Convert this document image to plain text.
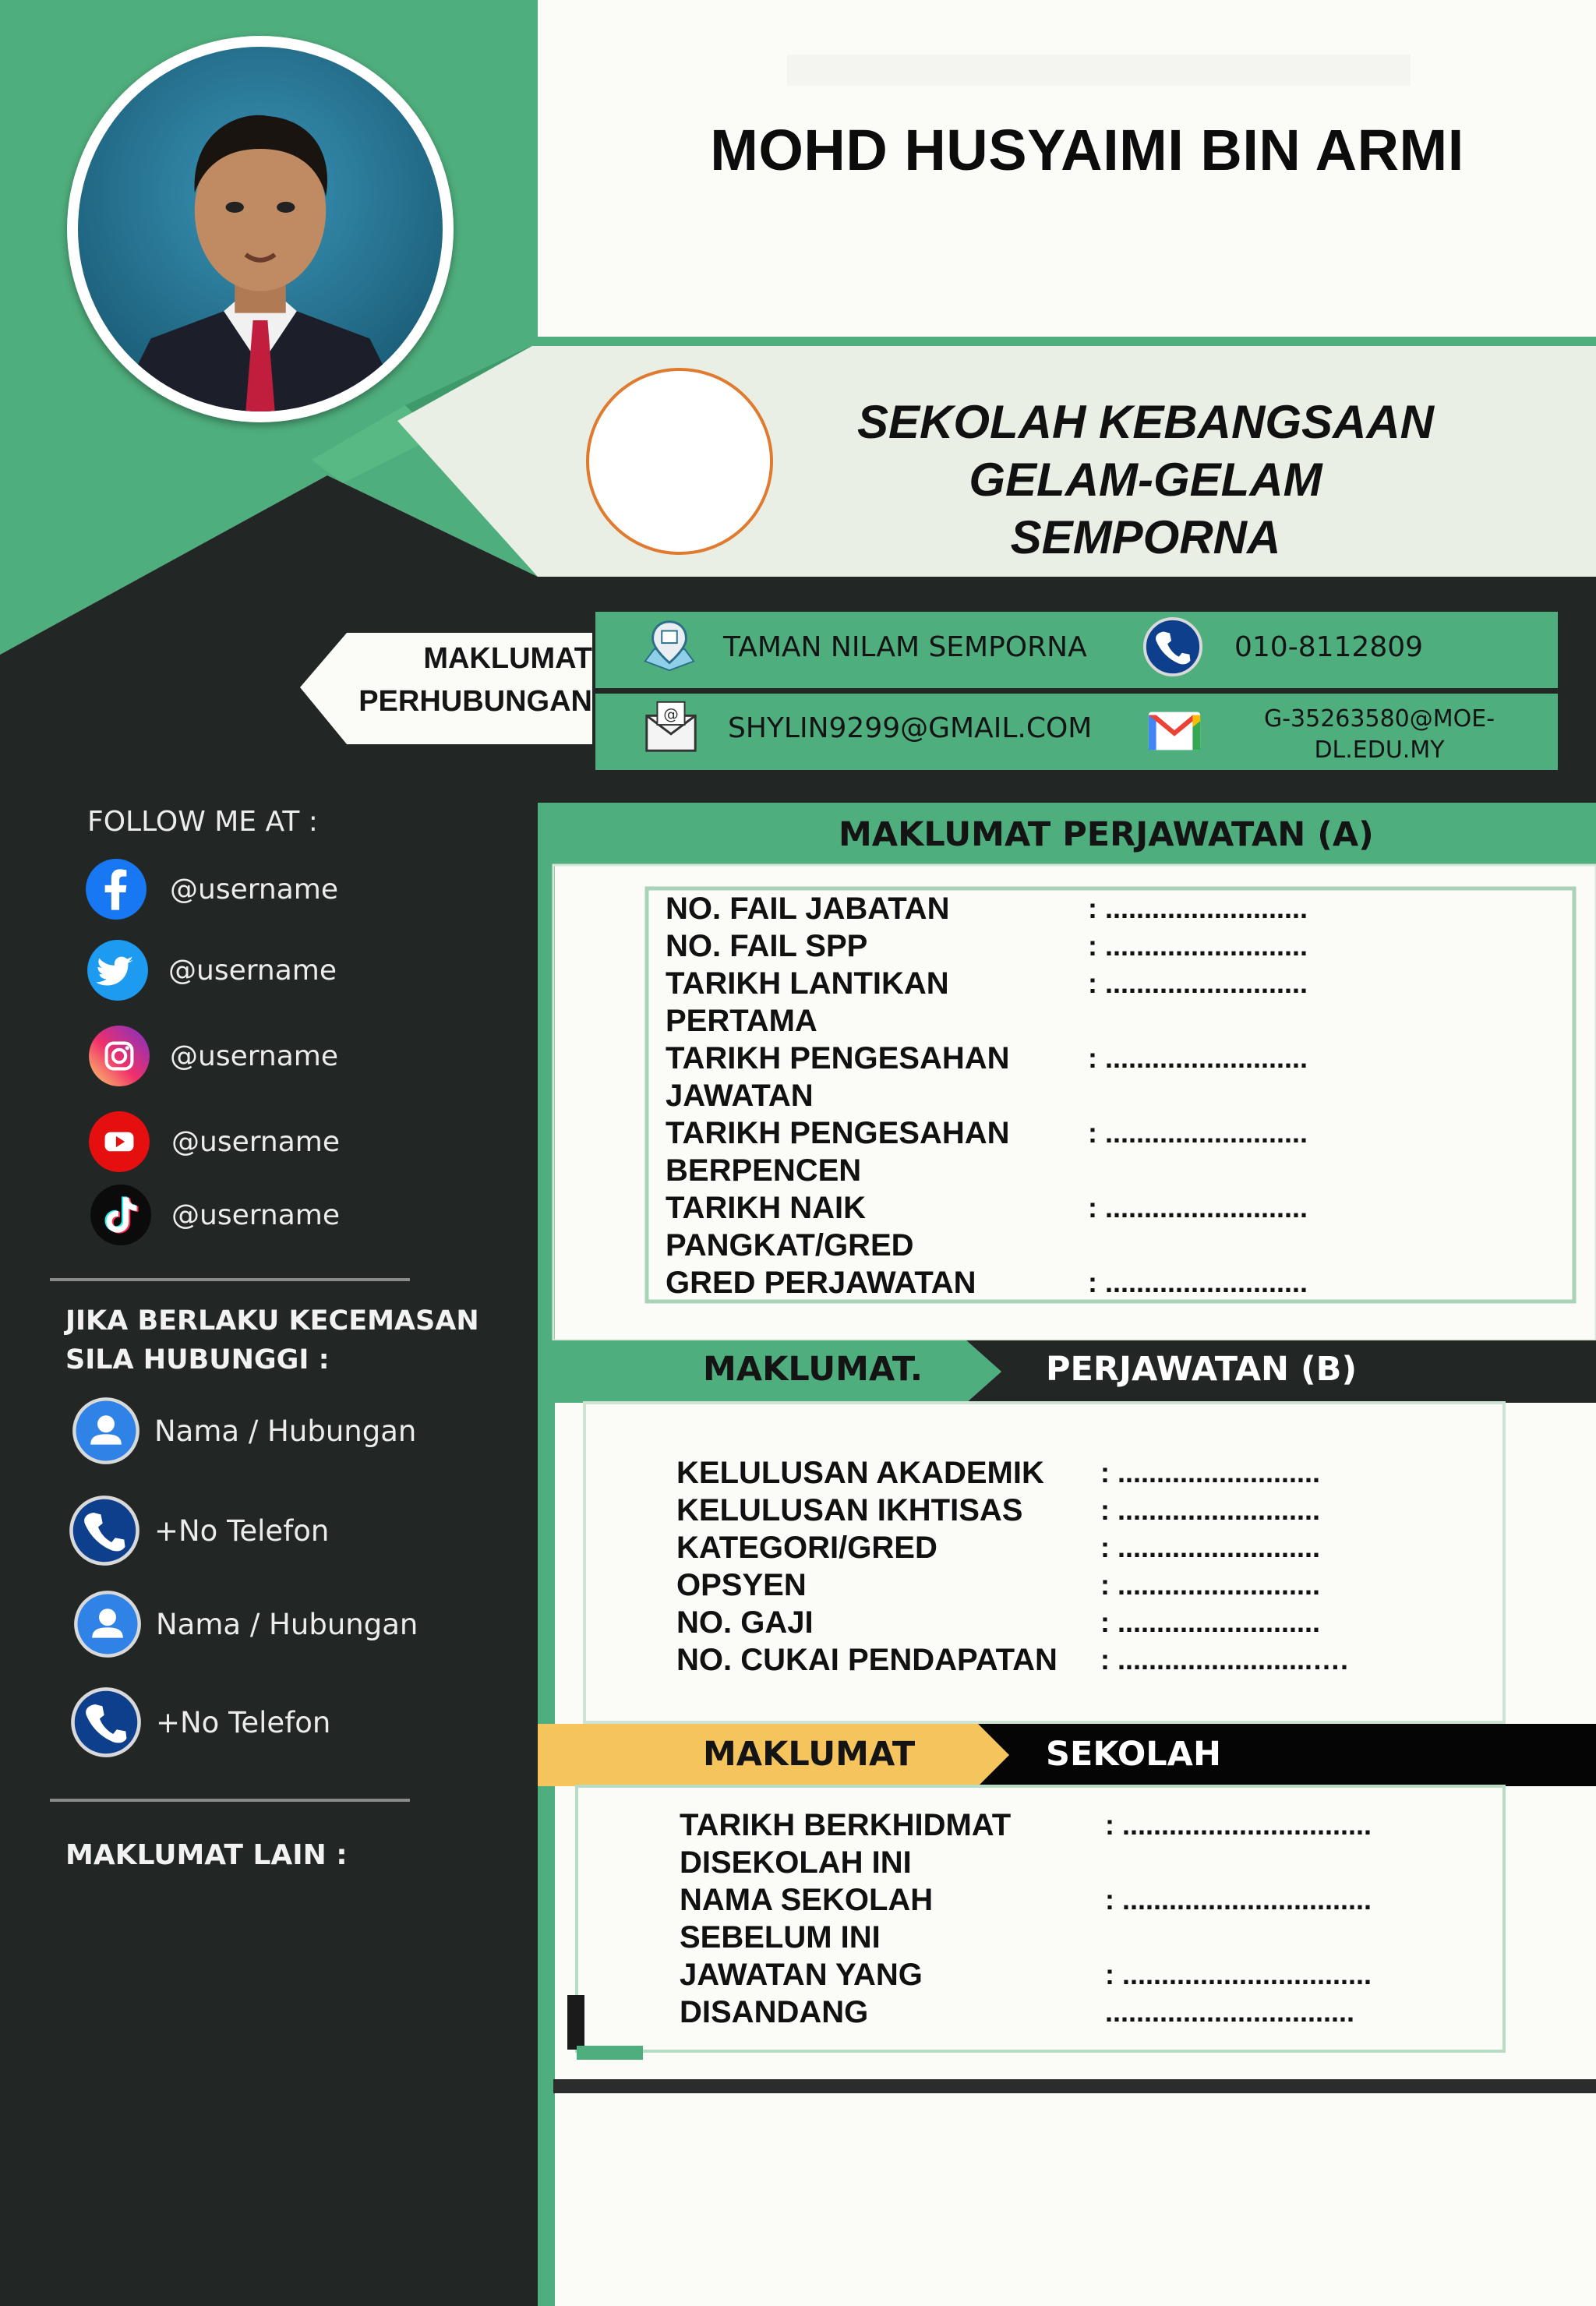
MOHD HUSYAIMI BIN ARMI
SEKOLAH KEBANGSAAN
GELAM-GELAM
SEMPORNA
MAKLUMAT
PERHUBUNGAN
TAMAN NILAM SEMPORNA	010-8112809
@ SHYLIN9299@GMAIL.COM	G-35263580@MOE-
DL.EDU.MY
FOLLOW ME AT :
@username
@username
@username
@username
@username
JIKA BERLAKU KECEMASAN
SILA HUBUNGGI :
Nama / Hubungan
+No Telefon
Nama / Hubungan
+No Telefon
MAKLUMAT LAIN :
MAKLUMAT PERJAWATAN (A)
NO. FAIL JABATAN	: ..........................
NO. FAIL SPP	: ..........................
TARIKH LANTIKAN	: ..........................
PERTAMA
TARIKH PENGESAHAN	: ..........................
JAWATAN
TARIKH PENGESAHAN	: ..........................
BERPENCEN
TARIKH NAIK	: ..........................
PANGKAT/GRED
GRED PERJAWATAN	: ..........................
MAKLUMAT.	PERJAWATAN (B)
KELULUSAN AKADEMIK : ..........................
KELULUSAN IKHTISAS	: ..........................
KATEGORI/GRED	: ..........................
OPSYEN	: ..........................
NO. GAJI	: ..........................
NO. CUKAI PENDAPATAN : .........................….
MAKLUMAT	SEKOLAH
TARIKH BERKHIDMAT	: ................................
DISEKOLAH INI
NAMA SEKOLAH	: ................................
SEBELUM INI
JAWATAN YANG	: ................................
DISANDANG	................................
